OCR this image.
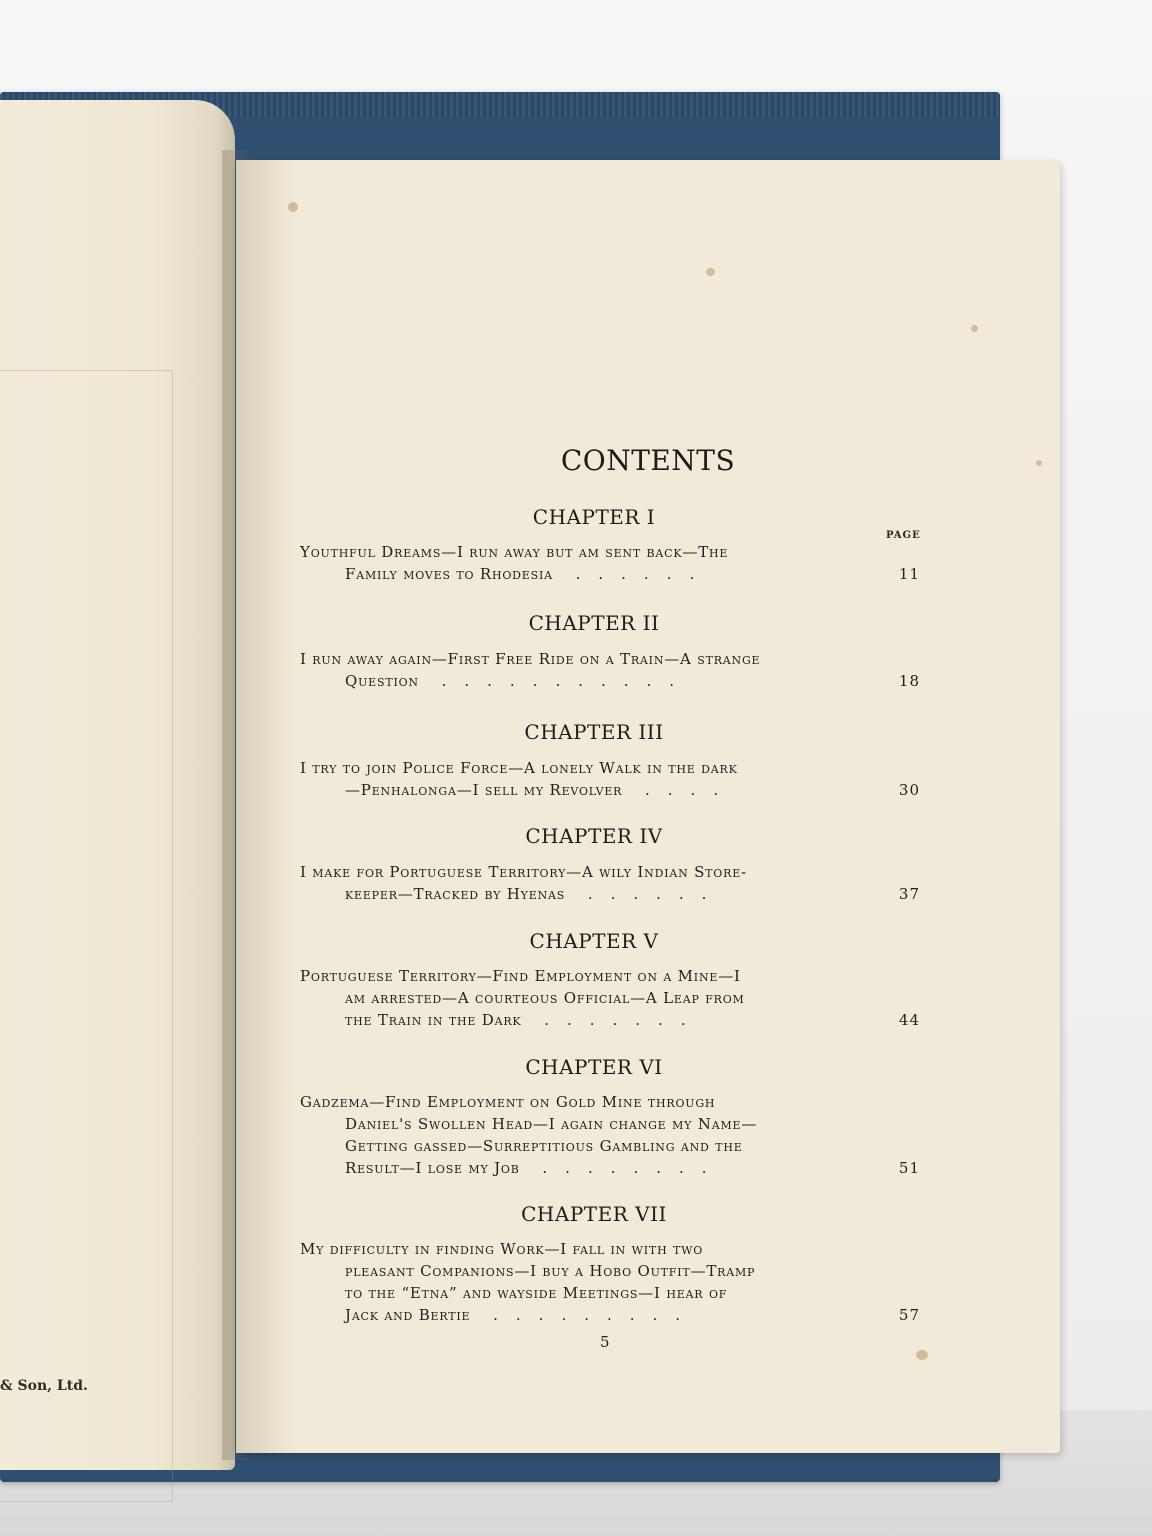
& Son, Ltd.
CONTENTS
PAGE
CHAPTER I
Youthful Dreams—I run away but am sent back—The
Family moves to Rhodesia ......	11
CHAPTER II
I run away again—First Free Ride on a Train—A strange
Question ...........	18
CHAPTER III
I try to join Police Force—A lonely Walk in the dark
—Penhalonga—I sell my Revolver ....	30
CHAPTER IV
I make for Portuguese Territory—A wily Indian Store-
keeper—Tracked by Hyenas ......	37
CHAPTER V
Portuguese Territory—Find Employment on a Mine—I
am arrested—A courteous Official—A Leap from
the Train in the Dark .......	44
CHAPTER VI
Gadzema—Find Employment on Gold Mine through
Daniel's Swollen Head—I again change my Name—
Getting gassed—Surreptitious Gambling and the
Result—I lose my Job ........	51
CHAPTER VII
My difficulty in finding Work—I fall in with two
pleasant Companions—I buy a Hobo Outfit—Tramp
to the “Etna” and wayside Meetings—I hear of
Jack and Bertie .........	57
5
